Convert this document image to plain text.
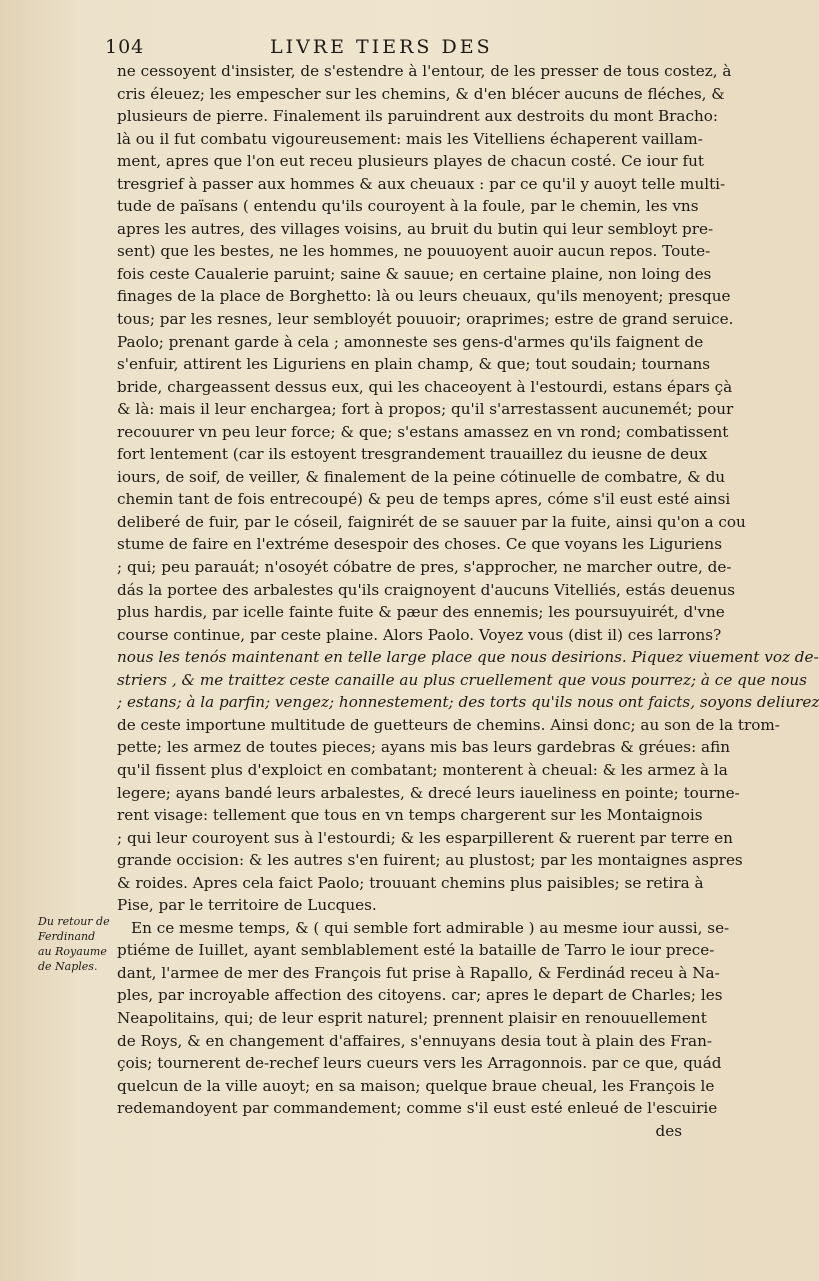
104	LIVRE TIERS DES
Du retour de
Ferdinand
au Royaume
de Naples.
ne cessoyent d'insister, de s'estendre à l'entour, de les presser de tous costez, à
cris éleuez; les empescher sur les chemins, & d'en blécer aucuns de fléches, &
plusieurs de pierre. Finalement ils paruindrent aux destroits du mont Bracho:
là ou il fut combatu vigoureusement: mais les Vitelliens échaperent vaillam-
ment, apres que l'on eut receu plusieurs playes de chacun costé. Ce iour fut
tresgrief à passer aux hommes & aux cheuaux : par ce qu'il y auoyt telle multi-
tude de païsans ( entendu qu'ils couroyent à la foule, par le chemin, les vns
apres les autres, des villages voisins, au bruit du butin qui leur sembloyt pre-
sent) que les bestes, ne les hommes, ne pouuoyent auoir aucun repos. Toute-
fois ceste Caualerie paruint; saine & sauue; en certaine plaine, non loing des
finages de la place de Borghetto: là ou leurs cheuaux, qu'ils menoyent; presque
tous; par les resnes, leur sembloyét pouuoir; oraprimes; estre de grand seruice.
Paolo; prenant garde à cela ; amonneste ses gens-d'armes qu'ils faignent de
s'enfuir, attirent les Liguriens en plain champ, & que; tout soudain; tournans
bride, chargeassent dessus eux, qui les chaceoyent à l'estourdi, estans épars çà
& là: mais il leur enchargea; fort à propos; qu'il s'arrestassent aucunemét; pour
recouurer vn peu leur force; & que; s'estans amassez en vn rond; combatissent
fort lentement (car ils estoyent tresgrandement trauaillez du ieusne de deux
iours, de soif, de veiller, & finalement de la peine cótinuelle de combatre, & du
chemin tant de fois entrecoupé) & peu de temps apres, cóme s'il eust esté ainsi
deliberé de fuir, par le cóseil, faignirét de se sauuer par la fuite, ainsi qu'on a cou
stume de faire en l'extréme desespoir des choses. Ce que voyans les Liguriens
; qui; peu parauát; n'osoyét cóbatre de pres, s'approcher, ne marcher outre, de-
dás la portee des arbalestes qu'ils craignoyent d'aucuns Vitelliés, estás deuenus
plus hardis, par icelle fainte fuite & pæur des ennemis; les poursuyuirét, d'vne
course continue, par ceste plaine. Alors Paolo. Voyez vous (dist il) ces larrons?
nous les tenós maintenant en telle large place que nous desirions. Piquez viuement voz de-
striers , & me traittez ceste canaille au plus cruellement que vous pourrez; à ce que nous
; estans; à la parfin; vengez; honnestement; des torts qu'ils nous ont faicts, soyons deliurez
de ceste importune multitude de guetteurs de chemins. Ainsi donc; au son de la trom-
pette; les armez de toutes pieces; ayans mis bas leurs gardebras & gréues: afin
qu'il fissent plus d'exploict en combatant; monterent à cheual: & les armez à la
legere; ayans bandé leurs arbalestes, & drecé leurs iaueliness en pointe; tourne-
rent visage: tellement que tous en vn temps chargerent sur les Montaignois
; qui leur couroyent sus à l'estourdi; & les esparpillerent & ruerent par terre en
grande occision: & les autres s'en fuirent; au plustost; par les montaignes aspres
& roides. Apres cela faict Paolo; trouuant chemins plus paisibles; se retira à
Pise, par le territoire de Lucques.
En ce mesme temps, & ( qui semble fort admirable ) au mesme iour aussi, se-
ptiéme de Iuillet, ayant semblablement esté la bataille de Tarro le iour prece-
dant, l'armee de mer des François fut prise à Rapallo, & Ferdinád receu à Na-
ples, par incroyable affection des citoyens. car; apres le depart de Charles; les
Neapolitains, qui; de leur esprit naturel; prennent plaisir en renouuellement
de Roys, & en changement d'affaires, s'ennuyans desia tout à plain des Fran-
çois; tournerent de-rechef leurs cueurs vers les Arragonnois. par ce que, quád
quelcun de la ville auoyt; en sa maison; quelque braue cheual, les François le
redemandoyent par commandement; comme s'il eust esté enleué de l'escuirie
des
